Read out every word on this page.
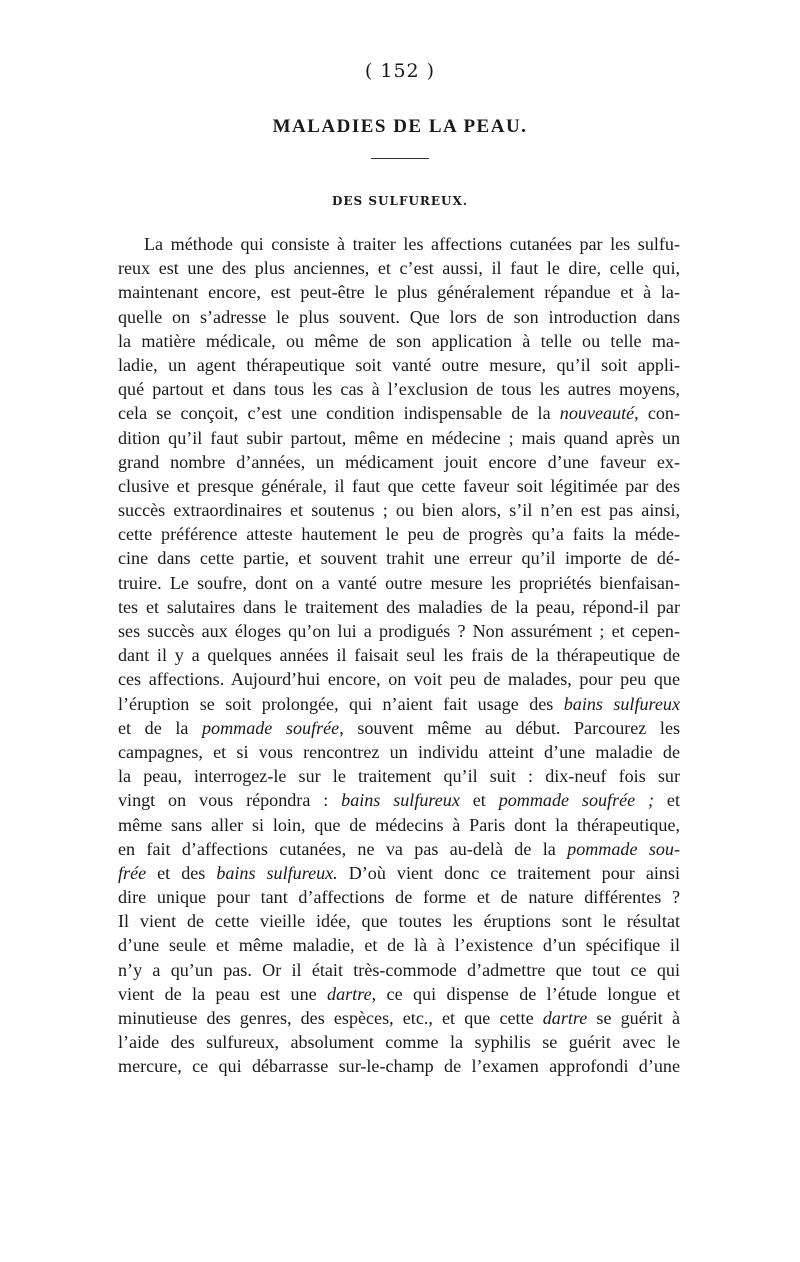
( 152 )
MALADIES DE LA PEAU.
DES SULFUREUX.
La méthode qui consiste à traiter les affections cutanées par les sulfu-
reux est une des plus anciennes, et c’est aussi, il faut le dire, celle qui,
maintenant encore, est peut-être le plus généralement répandue et à la-
quelle on s’adresse le plus souvent. Que lors de son introduction dans
la matière médicale, ou même de son application à telle ou telle ma-
ladie, un agent thérapeutique soit vanté outre mesure, qu’il soit appli-
qué partout et dans tous les cas à l’exclusion de tous les autres moyens,
cela se conçoit, c’est une condition indispensable de la nouveauté, con-
dition qu’il faut subir partout, même en médecine ; mais quand après un
grand nombre d’années, un médicament jouit encore d’une faveur ex-
clusive et presque générale, il faut que cette faveur soit légitimée par des
succès extraordinaires et soutenus ; ou bien alors, s’il n’en est pas ainsi,
cette préférence atteste hautement le peu de progrès qu’a faits la méde-
cine dans cette partie, et souvent trahit une erreur qu’il importe de dé-
truire. Le soufre, dont on a vanté outre mesure les propriétés bienfaisan-
tes et salutaires dans le traitement des maladies de la peau, répond-il par
ses succès aux éloges qu’on lui a prodigués ? Non assurément ; et cepen-
dant il y a quelques années il faisait seul les frais de la thérapeutique de
ces affections. Aujourd’hui encore, on voit peu de malades, pour peu que
l’éruption se soit prolongée, qui n’aient fait usage des bains sulfureux
et de la pommade soufrée, souvent même au début. Parcourez les
campagnes, et si vous rencontrez un individu atteint d’une maladie de
la peau, interrogez-le sur le traitement qu’il suit : dix-neuf fois sur
vingt on vous répondra : bains sulfureux et pommade soufrée ; et
même sans aller si loin, que de médecins à Paris dont la thérapeutique,
en fait d’affections cutanées, ne va pas au-delà de la pommade sou-
frée et des bains sulfureux. D’où vient donc ce traitement pour ainsi
dire unique pour tant d’affections de forme et de nature différentes ?
Il vient de cette vieille idée, que toutes les éruptions sont le résultat
d’une seule et même maladie, et de là à l’existence d’un spécifique il
n’y a qu’un pas. Or il était très-commode d’admettre que tout ce qui
vient de la peau est une dartre, ce qui dispense de l’étude longue et
minutieuse des genres, des espèces, etc., et que cette dartre se guérit à
l’aide des sulfureux, absolument comme la syphilis se guérit avec le
mercure, ce qui débarrasse sur-le-champ de l’examen approfondi d’une
